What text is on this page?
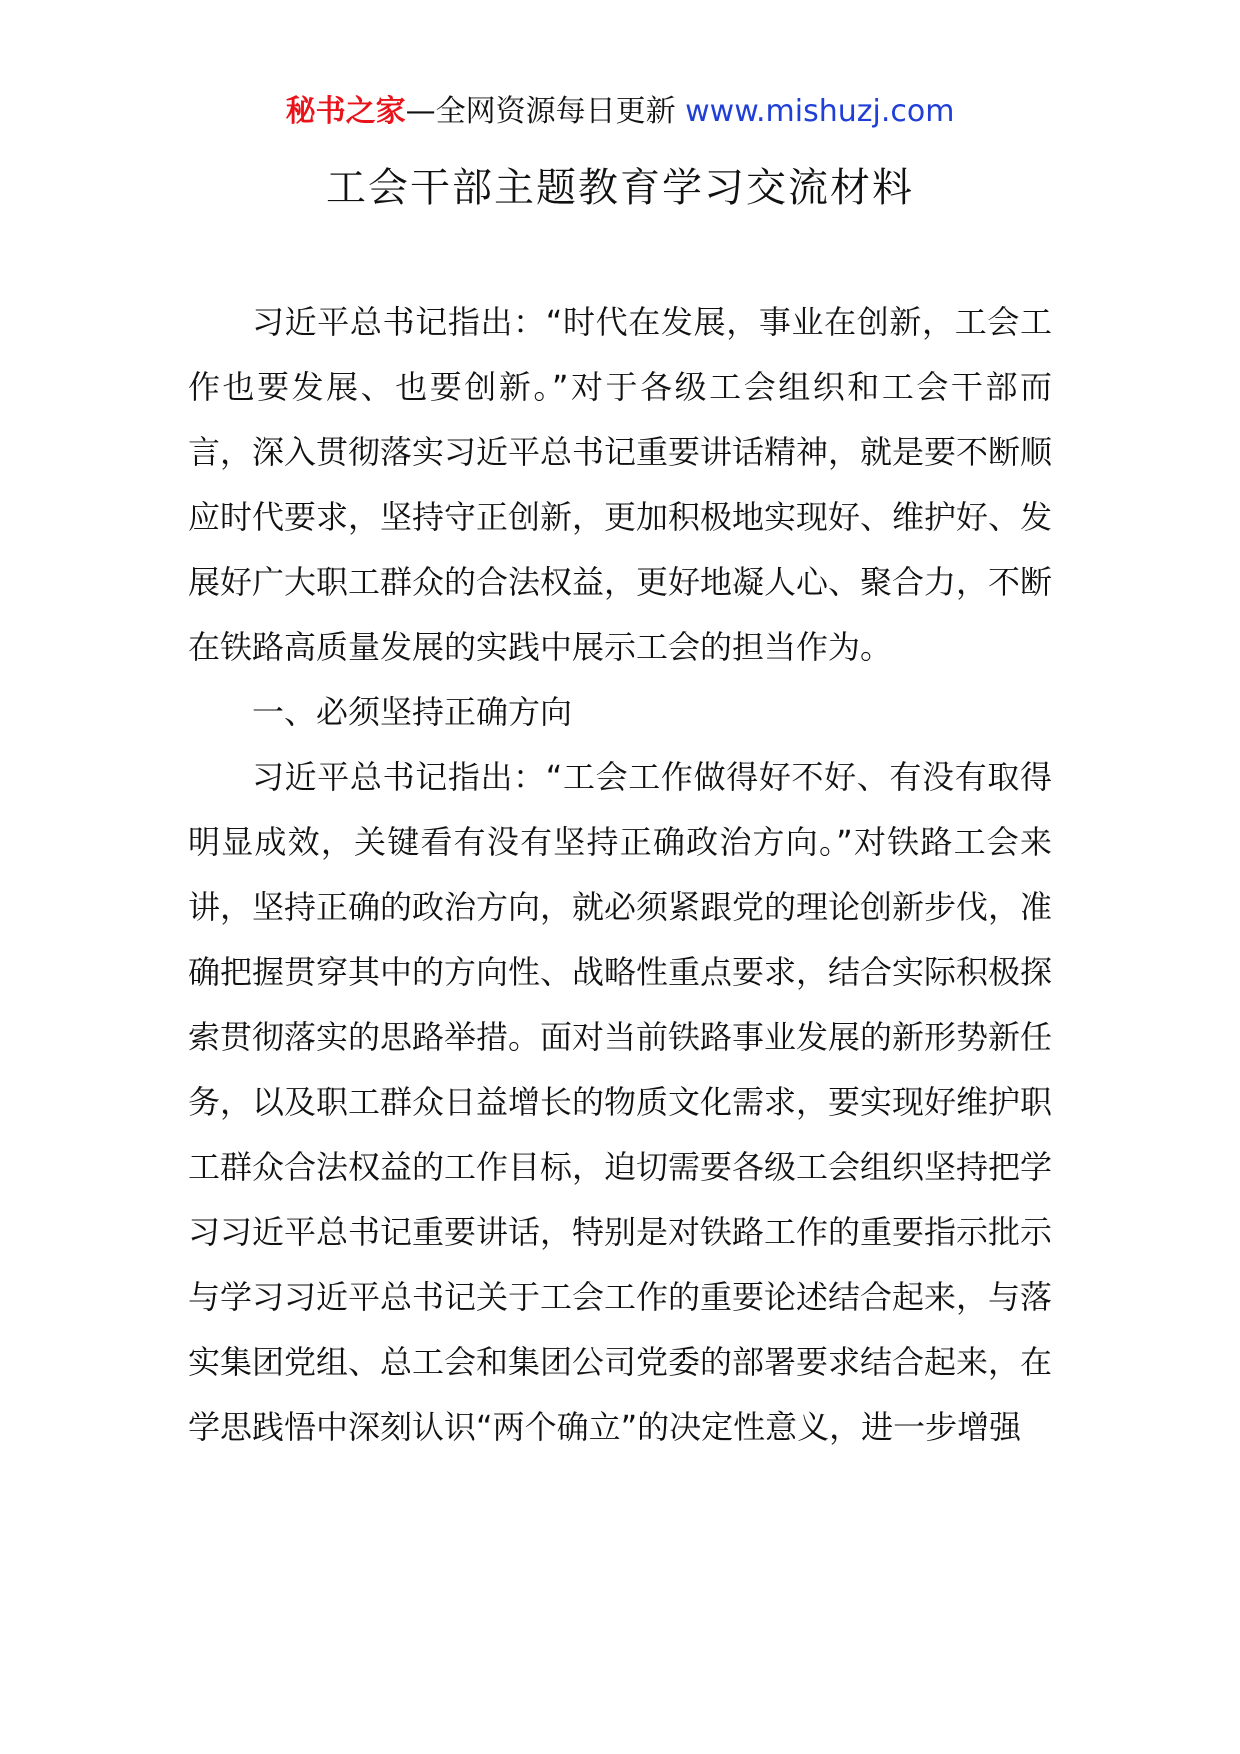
秘书之家—全网资源每日更新 www.mishuzj.com
工会干部主题教育学习交流材料

习近平总书记指出：“时代在发展，事业在创新，工会工作也要发展、也要创新。”对于各级工会组织和工会干部而言，深入贯彻落实习近平总书记重要讲话精神，就是要不断顺应时代要求，坚持守正创新，更加积极地实现好、维护好、发展好广大职工群众的合法权益，更好地凝人心、聚合力，不断在铁路高质量发展的实践中展示工会的担当作为。

一、必须坚持正确方向

习近平总书记指出：“工会工作做得好不好、有没有取得明显成效，关键看有没有坚持正确政治方向。”对铁路工会来讲，坚持正确的政治方向，就必须紧跟党的理论创新步伐，准确把握贯穿其中的方向性、战略性重点要求，结合实际积极探索贯彻落实的思路举措。面对当前铁路事业发展的新形势新任务，以及职工群众日益增长的物质文化需求，要实现好维护职工群众合法权益的工作目标，迫切需要各级工会组织坚持把学习习近平总书记重要讲话，特别是对铁路工作的重要指示批示与学习习近平总书记关于工会工作的重要论述结合起来，与落实集团党组、总工会和集团公司党委的部署要求结合起来，在学思践悟中深刻认识“两个确立”的决定性意义，进一步增强
